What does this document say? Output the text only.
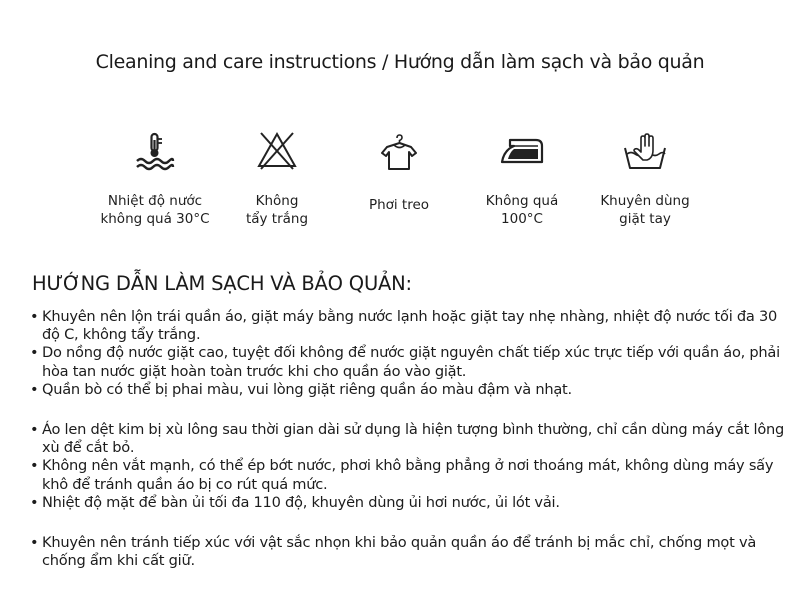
Cleaning and care instructions / Hướng dẫn làm sạch và bảo quản
Nhiệt độ nước
không quá 30°C
Không
tẩy trắng
Phơi treo	Không quá
100°C
Khuyên dùng
giặt tay
HƯỚNG DẪN LÀM SẠCH VÀ BẢO QUẢN:
• Khuyên nên lộn trái quần áo, giặt máy bằng nước lạnh hoặc giặt tay nhẹ nhàng, nhiệt độ nước tối đa 30 độ C, không tẩy trắng.
• Do nồng độ nước giặt cao, tuyệt đối không để nước giặt nguyên chất tiếp xúc trực tiếp với quần áo, phải hòa tan nước giặt hoàn toàn trước khi cho quần áo vào giặt.
• Quần bò có thể bị phai màu, vui lòng giặt riêng quần áo màu đậm và nhạt.
• Áo len dệt kim bị xù lông sau thời gian dài sử dụng là hiện tượng bình thường, chỉ cần dùng máy cắt lông xù để cắt bỏ.
• Không nên vắt mạnh, có thể ép bớt nước, phơi khô bằng phẳng ở nơi thoáng mát, không dùng máy sấy khô để tránh quần áo bị co rút quá mức.
• Nhiệt độ mặt để bàn ủi tối đa 110 độ, khuyên dùng ủi hơi nước, ủi lót vải.
• Khuyên nên tránh tiếp xúc với vật sắc nhọn khi bảo quản quần áo để tránh bị mắc chỉ, chống mọt và chống ẩm khi cất giữ.
